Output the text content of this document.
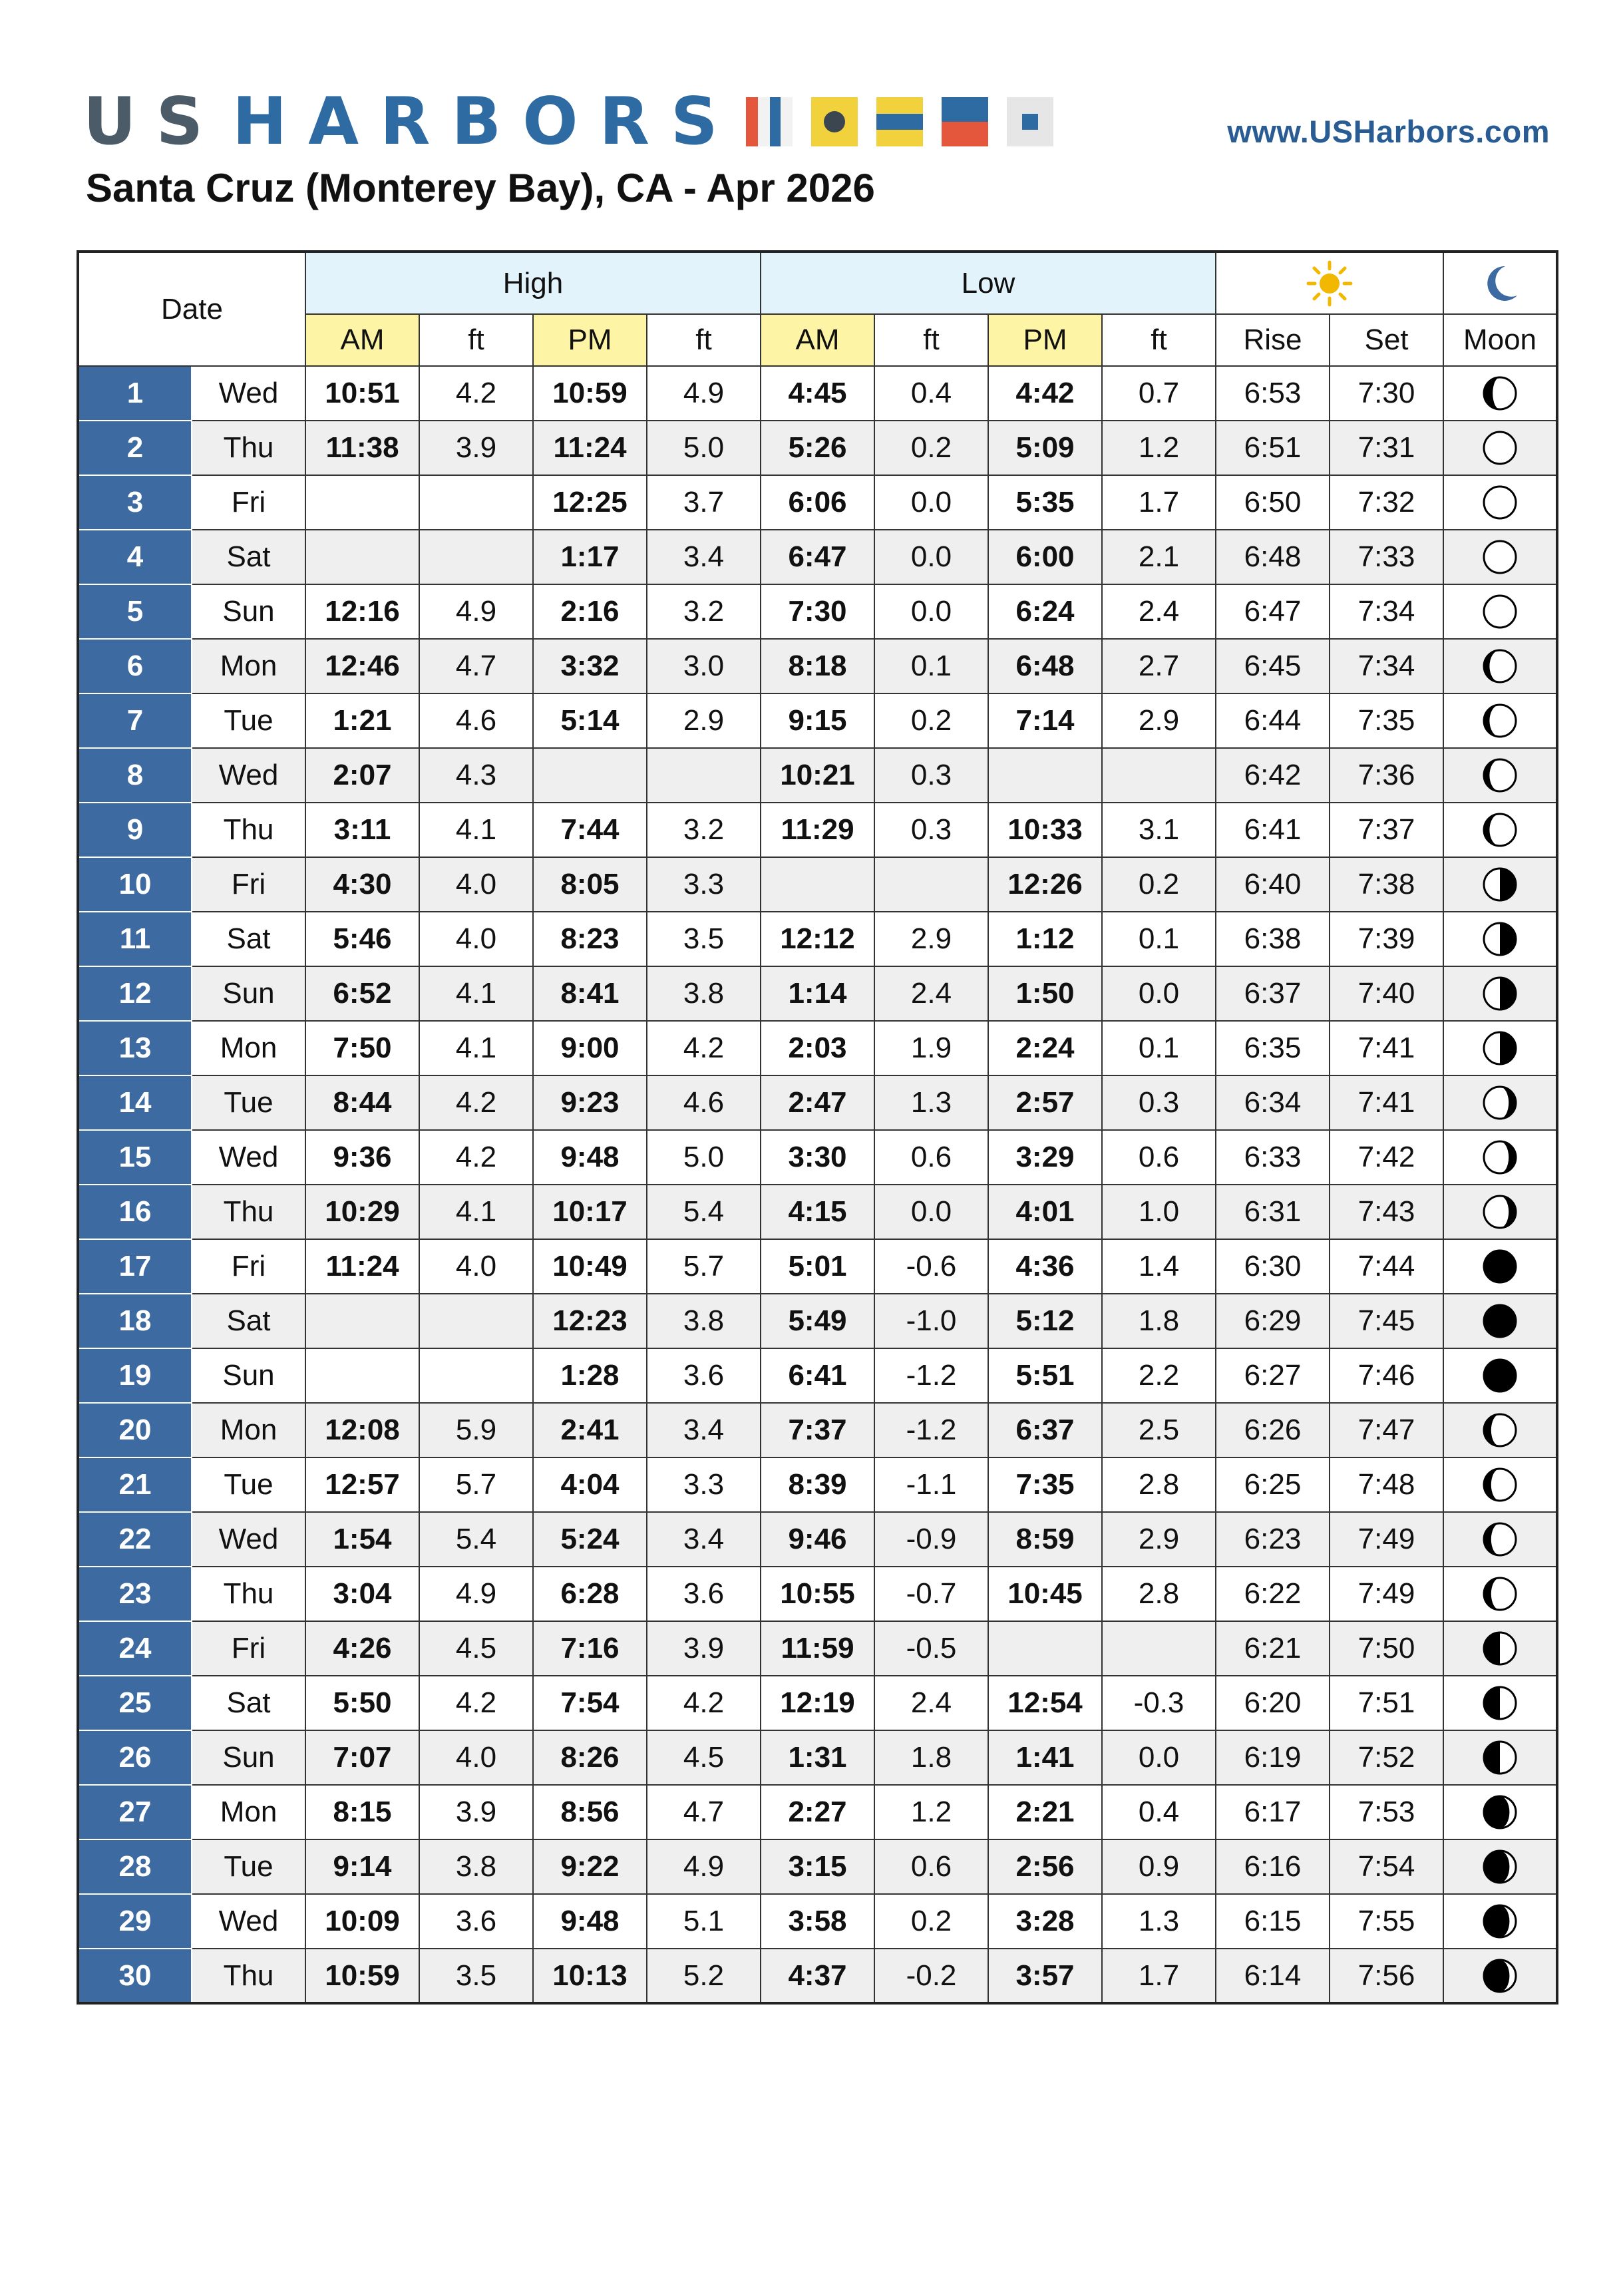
US HARBORS	www.USHarbors.com
Santa Cruz (Monterey Bay), CA - Apr 2026
Date		High				Low	

		AM	ft	PM	ft	AM	ft	PM	ft	Rise	Set	Moon
1	Wed	10:51	4.2	10:59	4.9	4:45	0.4	4:42	0.7	6:53	7:30	

2	Thu	11:38	3.9	11:24	5.0	5:26	0.2	5:09	1.2	6:51	7:31	

3	Fri			12:25	3.7	6:06	0.0	5:35	1.7	6:50	7:32	

4	Sat			1:17	3.4	6:47	0.0	6:00	2.1	6:48	7:33	

5	Sun	12:16	4.9	2:16	3.2	7:30	0.0	6:24	2.4	6:47	7:34	

6	Mon	12:46	4.7	3:32	3.0	8:18	0.1	6:48	2.7	6:45	7:34	

7	Tue	1:21	4.6	5:14	2.9	9:15	0.2	7:14	2.9	6:44	7:35	

8	Wed	2:07	4.3			10:21	0.3			6:42	7:36	

9	Thu	3:11	4.1	7:44	3.2	11:29	0.3	10:33	3.1	6:41	7:37	

10	Fri	4:30	4.0	8:05	3.3			12:26	0.2	6:40	7:38	

11	Sat	5:46	4.0	8:23	3.5	12:12	2.9	1:12	0.1	6:38	7:39	

12	Sun	6:52	4.1	8:41	3.8	1:14	2.4	1:50	0.0	6:37	7:40	

13	Mon	7:50	4.1	9:00	4.2	2:03	1.9	2:24	0.1	6:35	7:41	

14	Tue	8:44	4.2	9:23	4.6	2:47	1.3	2:57	0.3	6:34	7:41	

15	Wed	9:36	4.2	9:48	5.0	3:30	0.6	3:29	0.6	6:33	7:42	

16	Thu	10:29	4.1	10:17	5.4	4:15	0.0	4:01	1.0	6:31	7:43	

17	Fri	11:24	4.0	10:49	5.7	5:01	-0.6	4:36	1.4	6:30	7:44	

18	Sat			12:23	3.8	5:49	-1.0	5:12	1.8	6:29	7:45	

19	Sun			1:28	3.6	6:41	-1.2	5:51	2.2	6:27	7:46	

20	Mon	12:08	5.9	2:41	3.4	7:37	-1.2	6:37	2.5	6:26	7:47	

21	Tue	12:57	5.7	4:04	3.3	8:39	-1.1	7:35	2.8	6:25	7:48	

22	Wed	1:54	5.4	5:24	3.4	9:46	-0.9	8:59	2.9	6:23	7:49	

23	Thu	3:04	4.9	6:28	3.6	10:55	-0.7	10:45	2.8	6:22	7:49	

24	Fri	4:26	4.5	7:16	3.9	11:59	-0.5			6:21	7:50	

25	Sat	5:50	4.2	7:54	4.2	12:19	2.4	12:54	-0.3	6:20	7:51	

26	Sun	7:07	4.0	8:26	4.5	1:31	1.8	1:41	0.0	6:19	7:52	

27	Mon	8:15	3.9	8:56	4.7	2:27	1.2	2:21	0.4	6:17	7:53	

28	Tue	9:14	3.8	9:22	4.9	3:15	0.6	2:56	0.9	6:16	7:54	

29	Wed	10:09	3.6	9:48	5.1	3:58	0.2	3:28	1.3	6:15	7:55	

30	Thu	10:59	3.5	10:13	5.2	4:37	-0.2	3:57	1.7	6:14	7:56	
